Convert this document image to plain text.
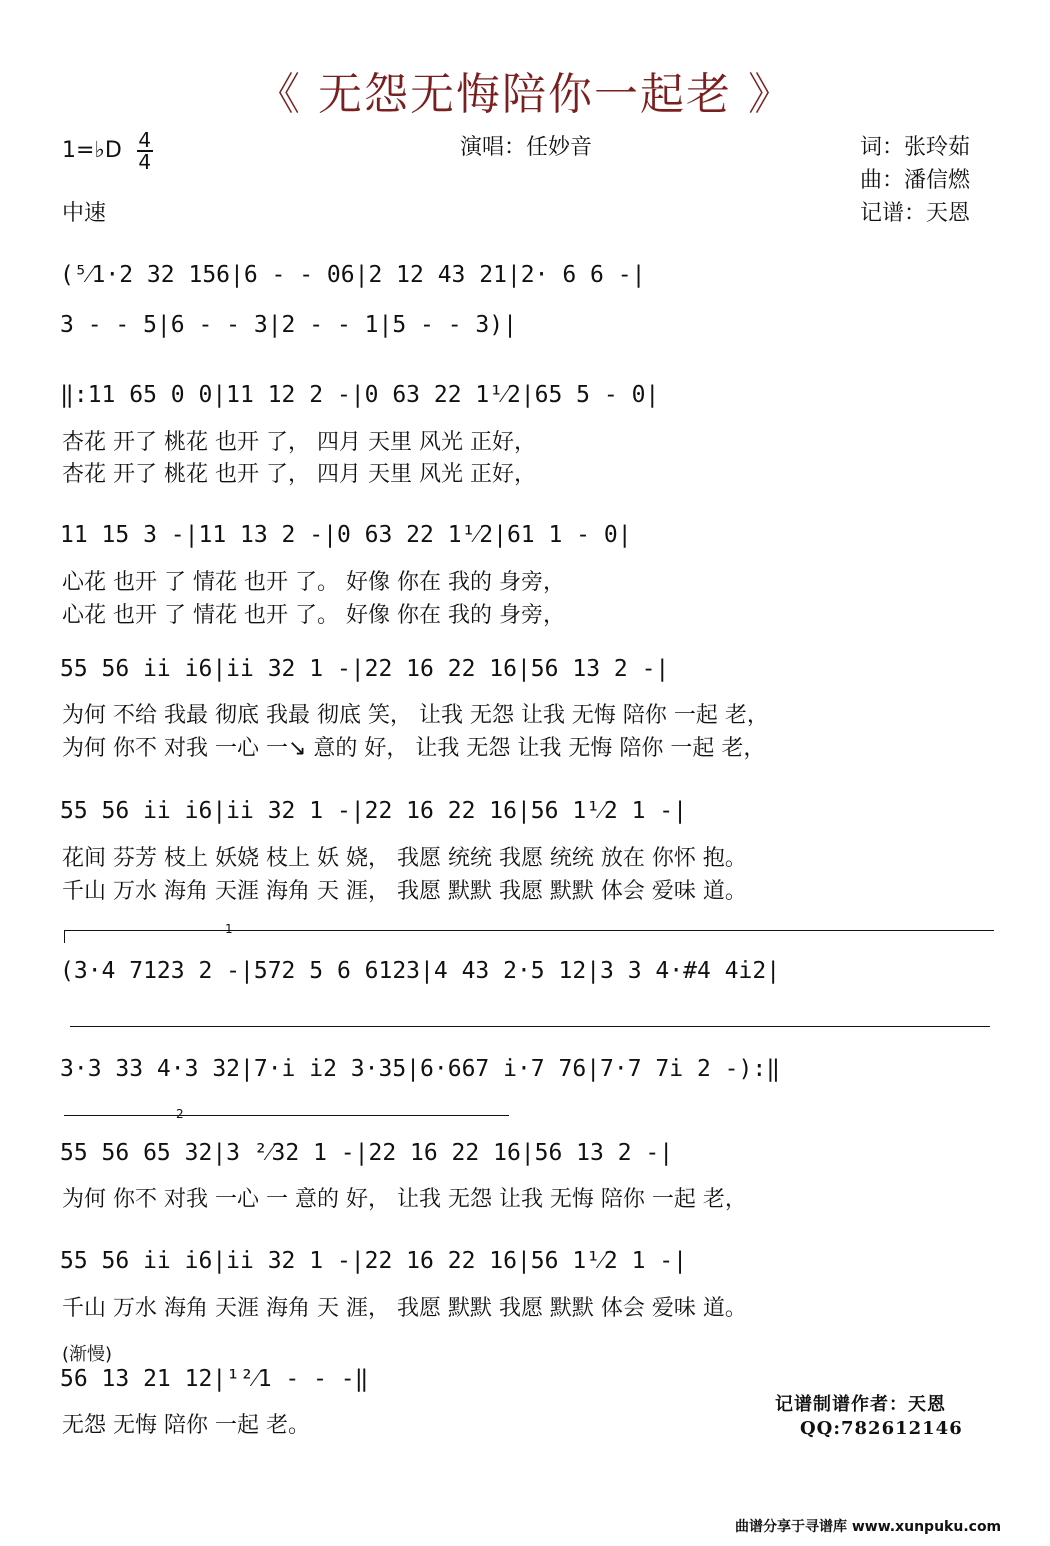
《 无怨无悔陪你一起老 》
1=♭D $\frac{4}{4}$
中速
演唱：任妙音	词：张玲茹
曲：潘信燃
记谱：天恩
(⁵⁄1·2 32 156|6 - - 06|2 12 43 21|2· 6 6 -|
3 - - 5|6 - - 3|2 - - 1|5 - - 3)|
‖:11 65 0 0|11 12 2 -|0 63 22 1¹⁄2|65 5 - 0|
杏花 开了 桃花 也开 了， 四月 天里 风光 正好，
杏花 开了 桃花 也开 了， 四月 天里 风光 正好，
11 15 3 -|11 13 2 -|0 63 22 1¹⁄2|61 1 - 0|
心花 也开 了 情花 也开 了。 好像 你在 我的 身旁，
心花 也开 了 情花 也开 了。 好像 你在 我的 身旁，
55 56 i̇i̇ i̇6|i̇i̇ 32 1 -|22 16 22 16|56 13 2 -|
为何 不给 我最 彻底 我最 彻底 笑， 让我 无怨 让我 无悔 陪你 一起 老，
为何 你不 对我 一心 一↘ 意的 好， 让我 无怨 让我 无悔 陪你 一起 老，
55 56 i̇i̇ i̇6|i̇i̇ 32 1 -|22 16 22 16|56 1¹⁄2 1 -|
花间 芬芳 枝上 妖娆 枝上 妖 娆， 我愿 统统 我愿 统统 放在 你怀 抱。
千山 万水 海角 天涯 海角 天 涯， 我愿 默默 我愿 默默 体会 爱味 道。
1
(3·4 7123 2 -|572 5 6 6123|4 43 2·5 12|3 3 4·#4 4i̇2|
3·3 33 4·3 32|7·i̇ i̇2 3·35|6·667 i̇·7 76|7·7 7i̇ 2 -):‖
2
55 56 65 32|3 ²⁄32 1 -|22 16 22 16|56 13 2 -|
为何 你不 对我 一心 一 意的 好， 让我 无怨 让我 无悔 陪你 一起 老，
55 56 i̇i̇ i̇6|i̇i̇ 32 1 -|22 16 22 16|56 1¹⁄2 1 -|
千山 万水 海角 天涯 海角 天 涯， 我愿 默默 我愿 默默 体会 爱味 道。
(渐慢)
56 13 21 12|¹²⁄1 - - -‖
无怨 无悔 陪你 一起 老。
记谱制谱作者：天恩
QQ:782612146
曲谱分享于寻谱库 www.xunpuku.com
